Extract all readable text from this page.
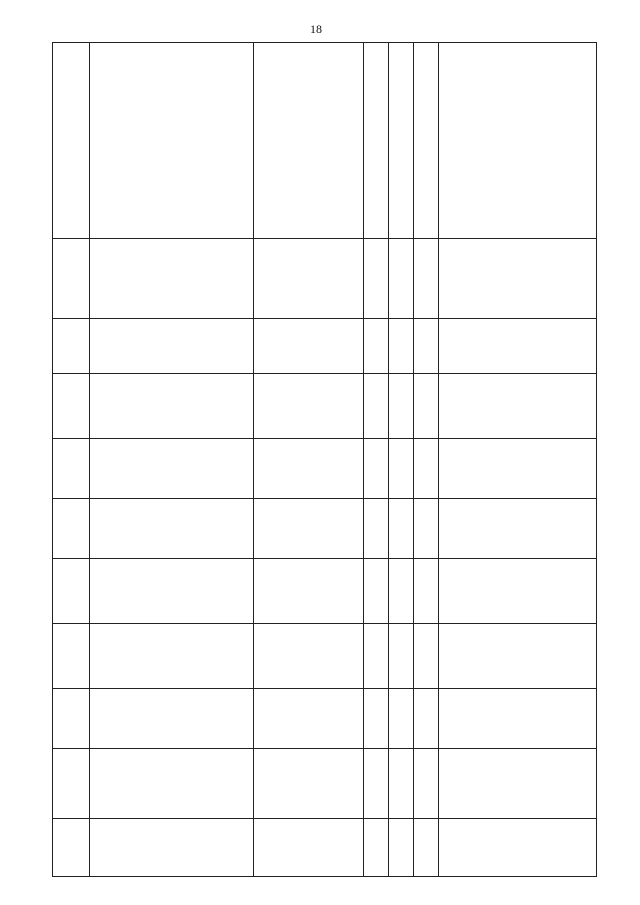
18
